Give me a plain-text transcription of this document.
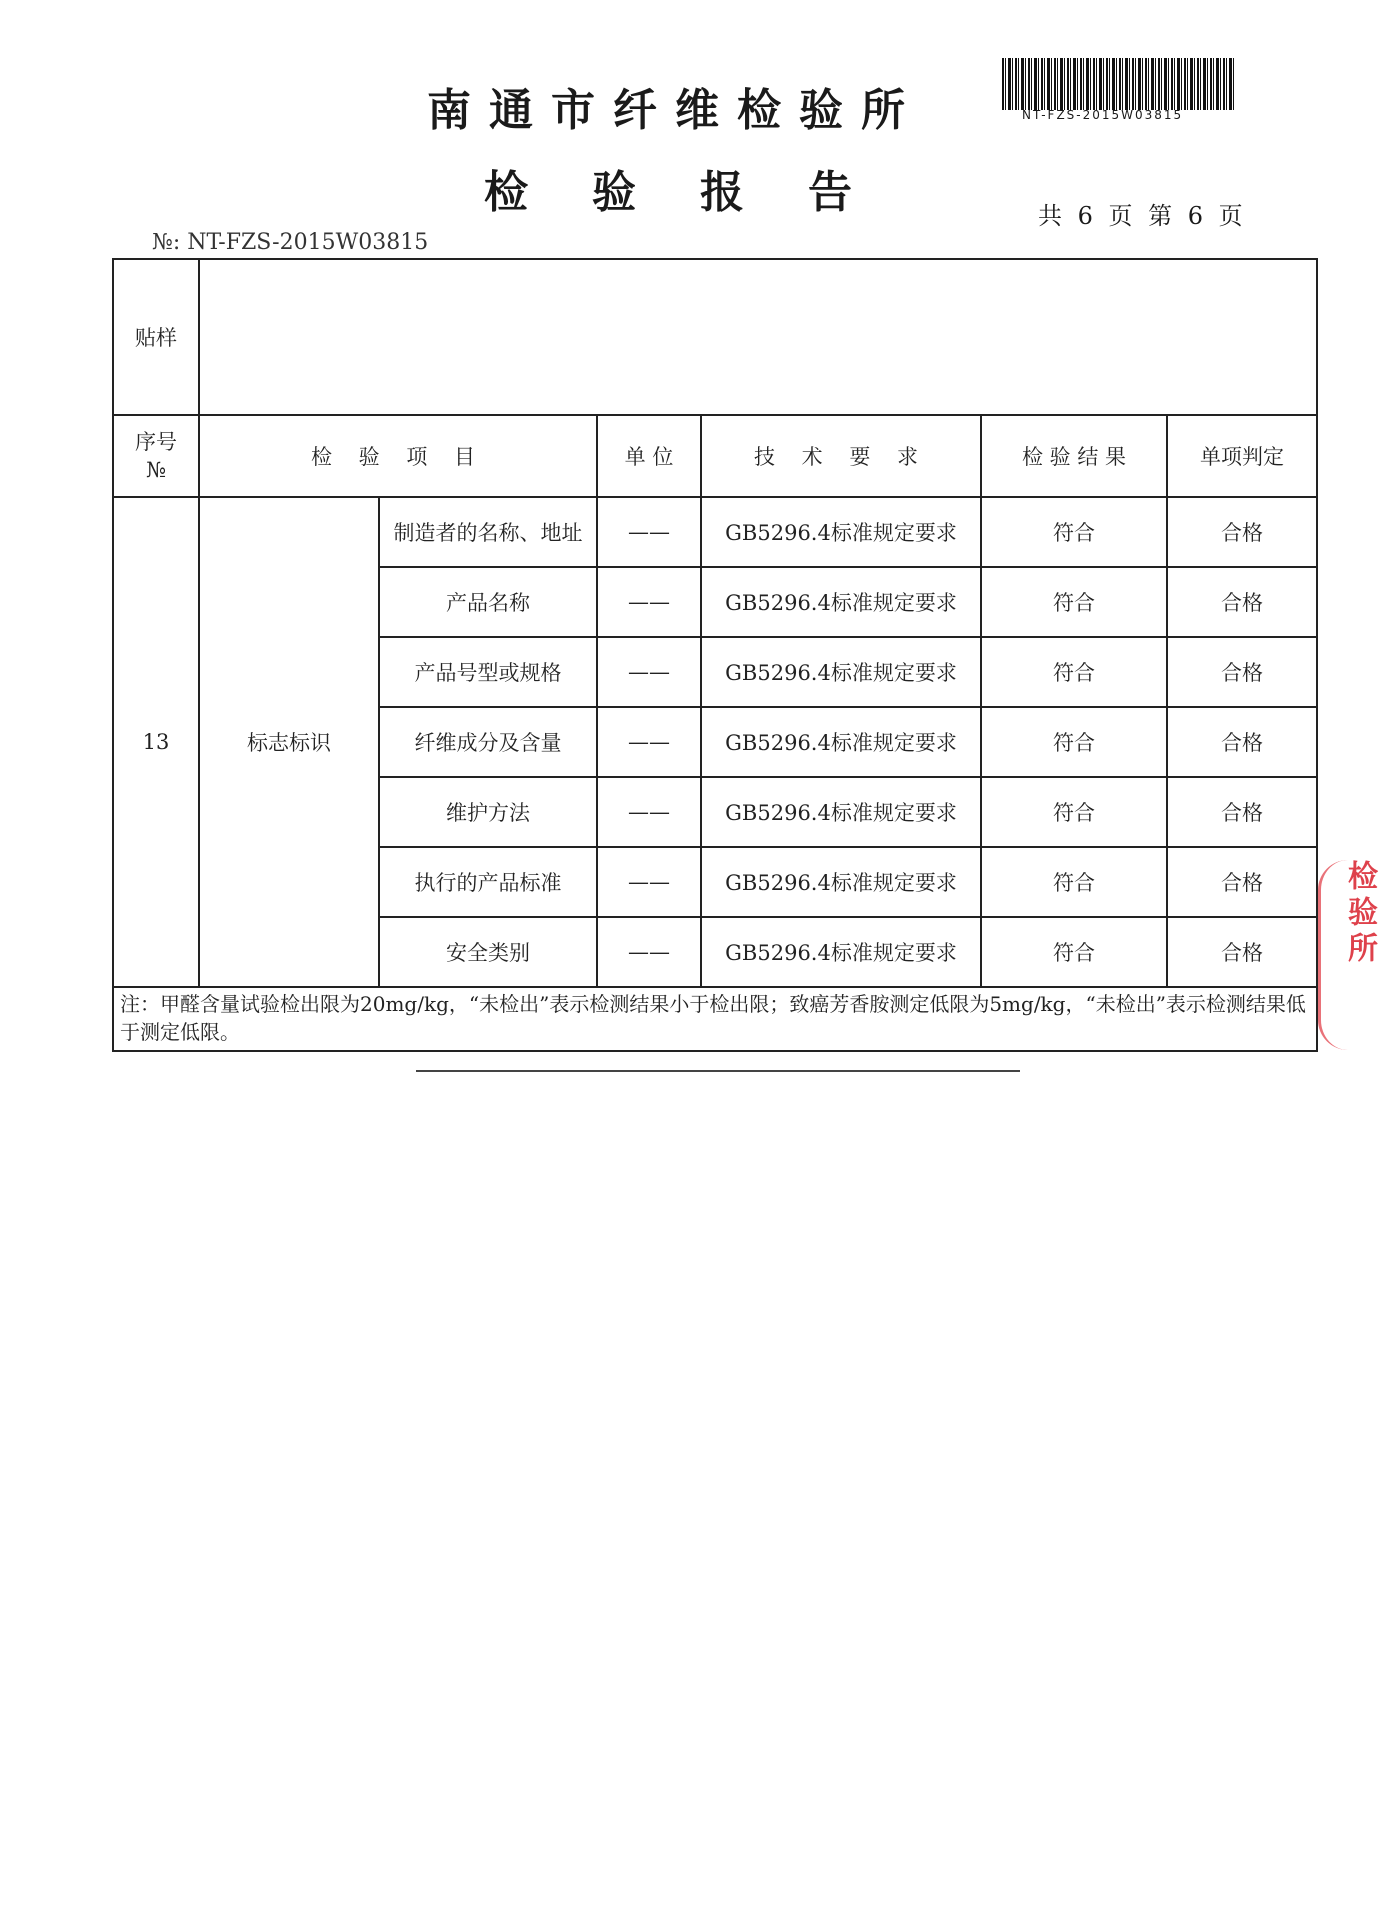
南通市纤维检验所
检验报告
NT-FZS-2015W03815
共 6 页 第 6 页
№: NT-FZS-2015W03815
贴样						

序号
№	检 验 项 目		单 位	技 术 要 求	检 验 结 果	单项判定
13	标志标识	制造者的名称、地址	——	GB5296.4标准规定要求	符合	合格
		产品名称	——	GB5296.4标准规定要求	符合	合格
		产品号型或规格	——	GB5296.4标准规定要求	符合	合格
		纤维成分及含量	——	GB5296.4标准规定要求	符合	合格
		维护方法	——	GB5296.4标准规定要求	符合	合格
		执行的产品标准	——	GB5296.4标准规定要求	符合	合格
		安全类别	——	GB5296.4标准规定要求	符合	合格
注：甲醛含量试验检出限为20mg/kg，“未检出”表示检测结果小于检出限；致癌芳香胺测定低限为5mg/kg，“未检出”表示检测结果低于测定低限。						
检验所
